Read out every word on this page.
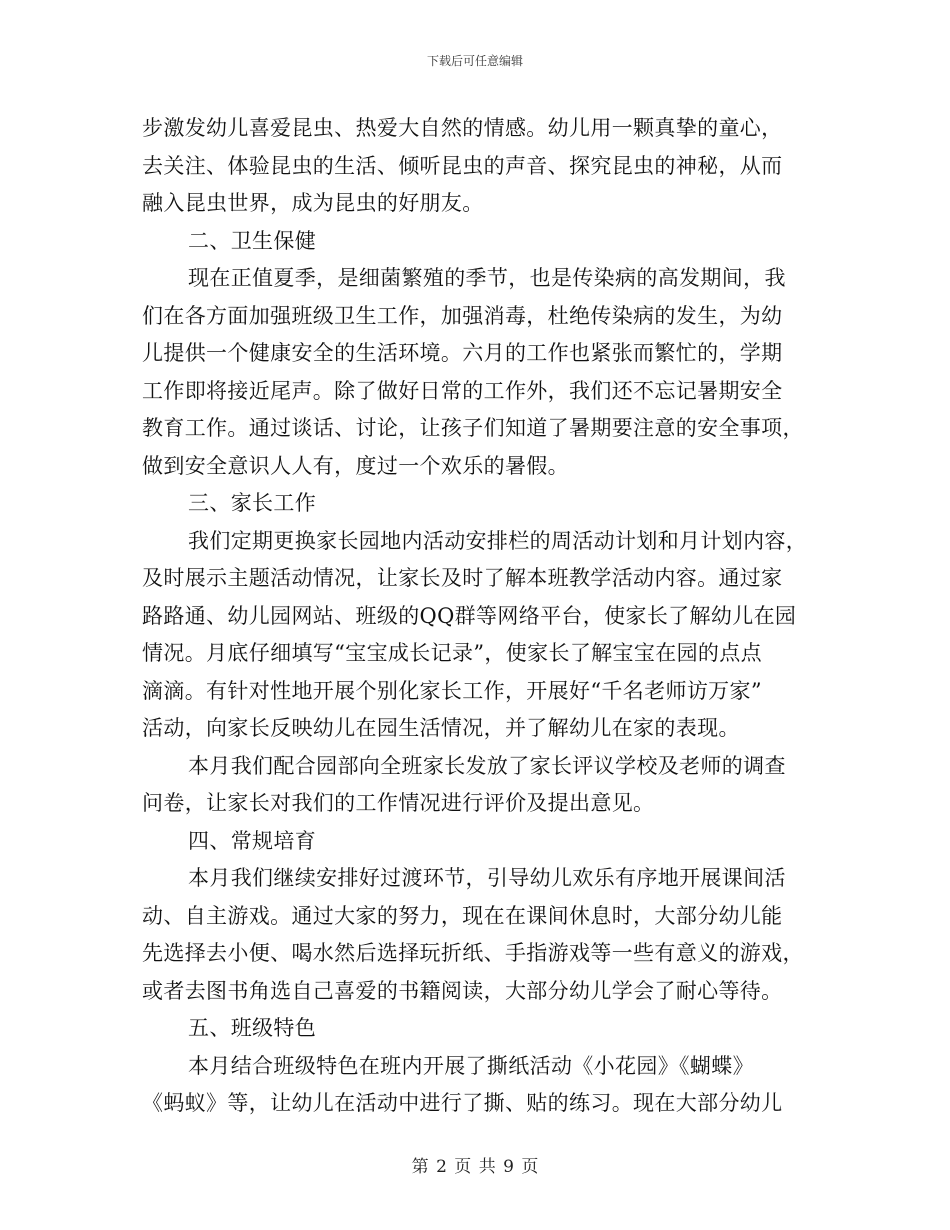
下载后可任意编辑
步激发幼儿喜爱昆虫、热爱大自然的情感。幼儿用一颗真挚的童心，
去关注、体验昆虫的生活、倾听昆虫的声音、探究昆虫的神秘，从而
融入昆虫世界，成为昆虫的好朋友。
二、卫生保健
现在正值夏季，是细菌繁殖的季节，也是传染病的高发期间，我
们在各方面加强班级卫生工作，加强消毒，杜绝传染病的发生，为幼
儿提供一个健康安全的生活环境。六月的工作也紧张而繁忙的，学期
工作即将接近尾声。除了做好日常的工作外，我们还不忘记暑期安全
教育工作。通过谈话、讨论，让孩子们知道了暑期要注意的安全事项，
做到安全意识人人有，度过一个欢乐的暑假。
三、家长工作
我们定期更换家长园地内活动安排栏的周活动计划和月计划内容，
及时展示主题活动情况，让家长及时了解本班教学活动内容。通过家
路路通、幼儿园网站、班级的QQ群等网络平台，使家长了解幼儿在园
情况。月底仔细填写“宝宝成长记录”，使家长了解宝宝在园的点点
滴滴。有针对性地开展个别化家长工作，开展好“千名老师访万家”
活动，向家长反映幼儿在园生活情况，并了解幼儿在家的表现。
本月我们配合园部向全班家长发放了家长评议学校及老师的调查
问卷，让家长对我们的工作情况进行评价及提出意见。
四、常规培育
本月我们继续安排好过渡环节，引导幼儿欢乐有序地开展课间活
动、自主游戏。通过大家的努力，现在在课间休息时，大部分幼儿能
先选择去小便、喝水然后选择玩折纸、手指游戏等一些有意义的游戏，
或者去图书角选自己喜爱的书籍阅读，大部分幼儿学会了耐心等待。
五、班级特色
本月结合班级特色在班内开展了撕纸活动《小花园》《蝴蝶》
《蚂蚁》等，让幼儿在活动中进行了撕、贴的练习。现在大部分幼儿
第 2 页 共 9 页
